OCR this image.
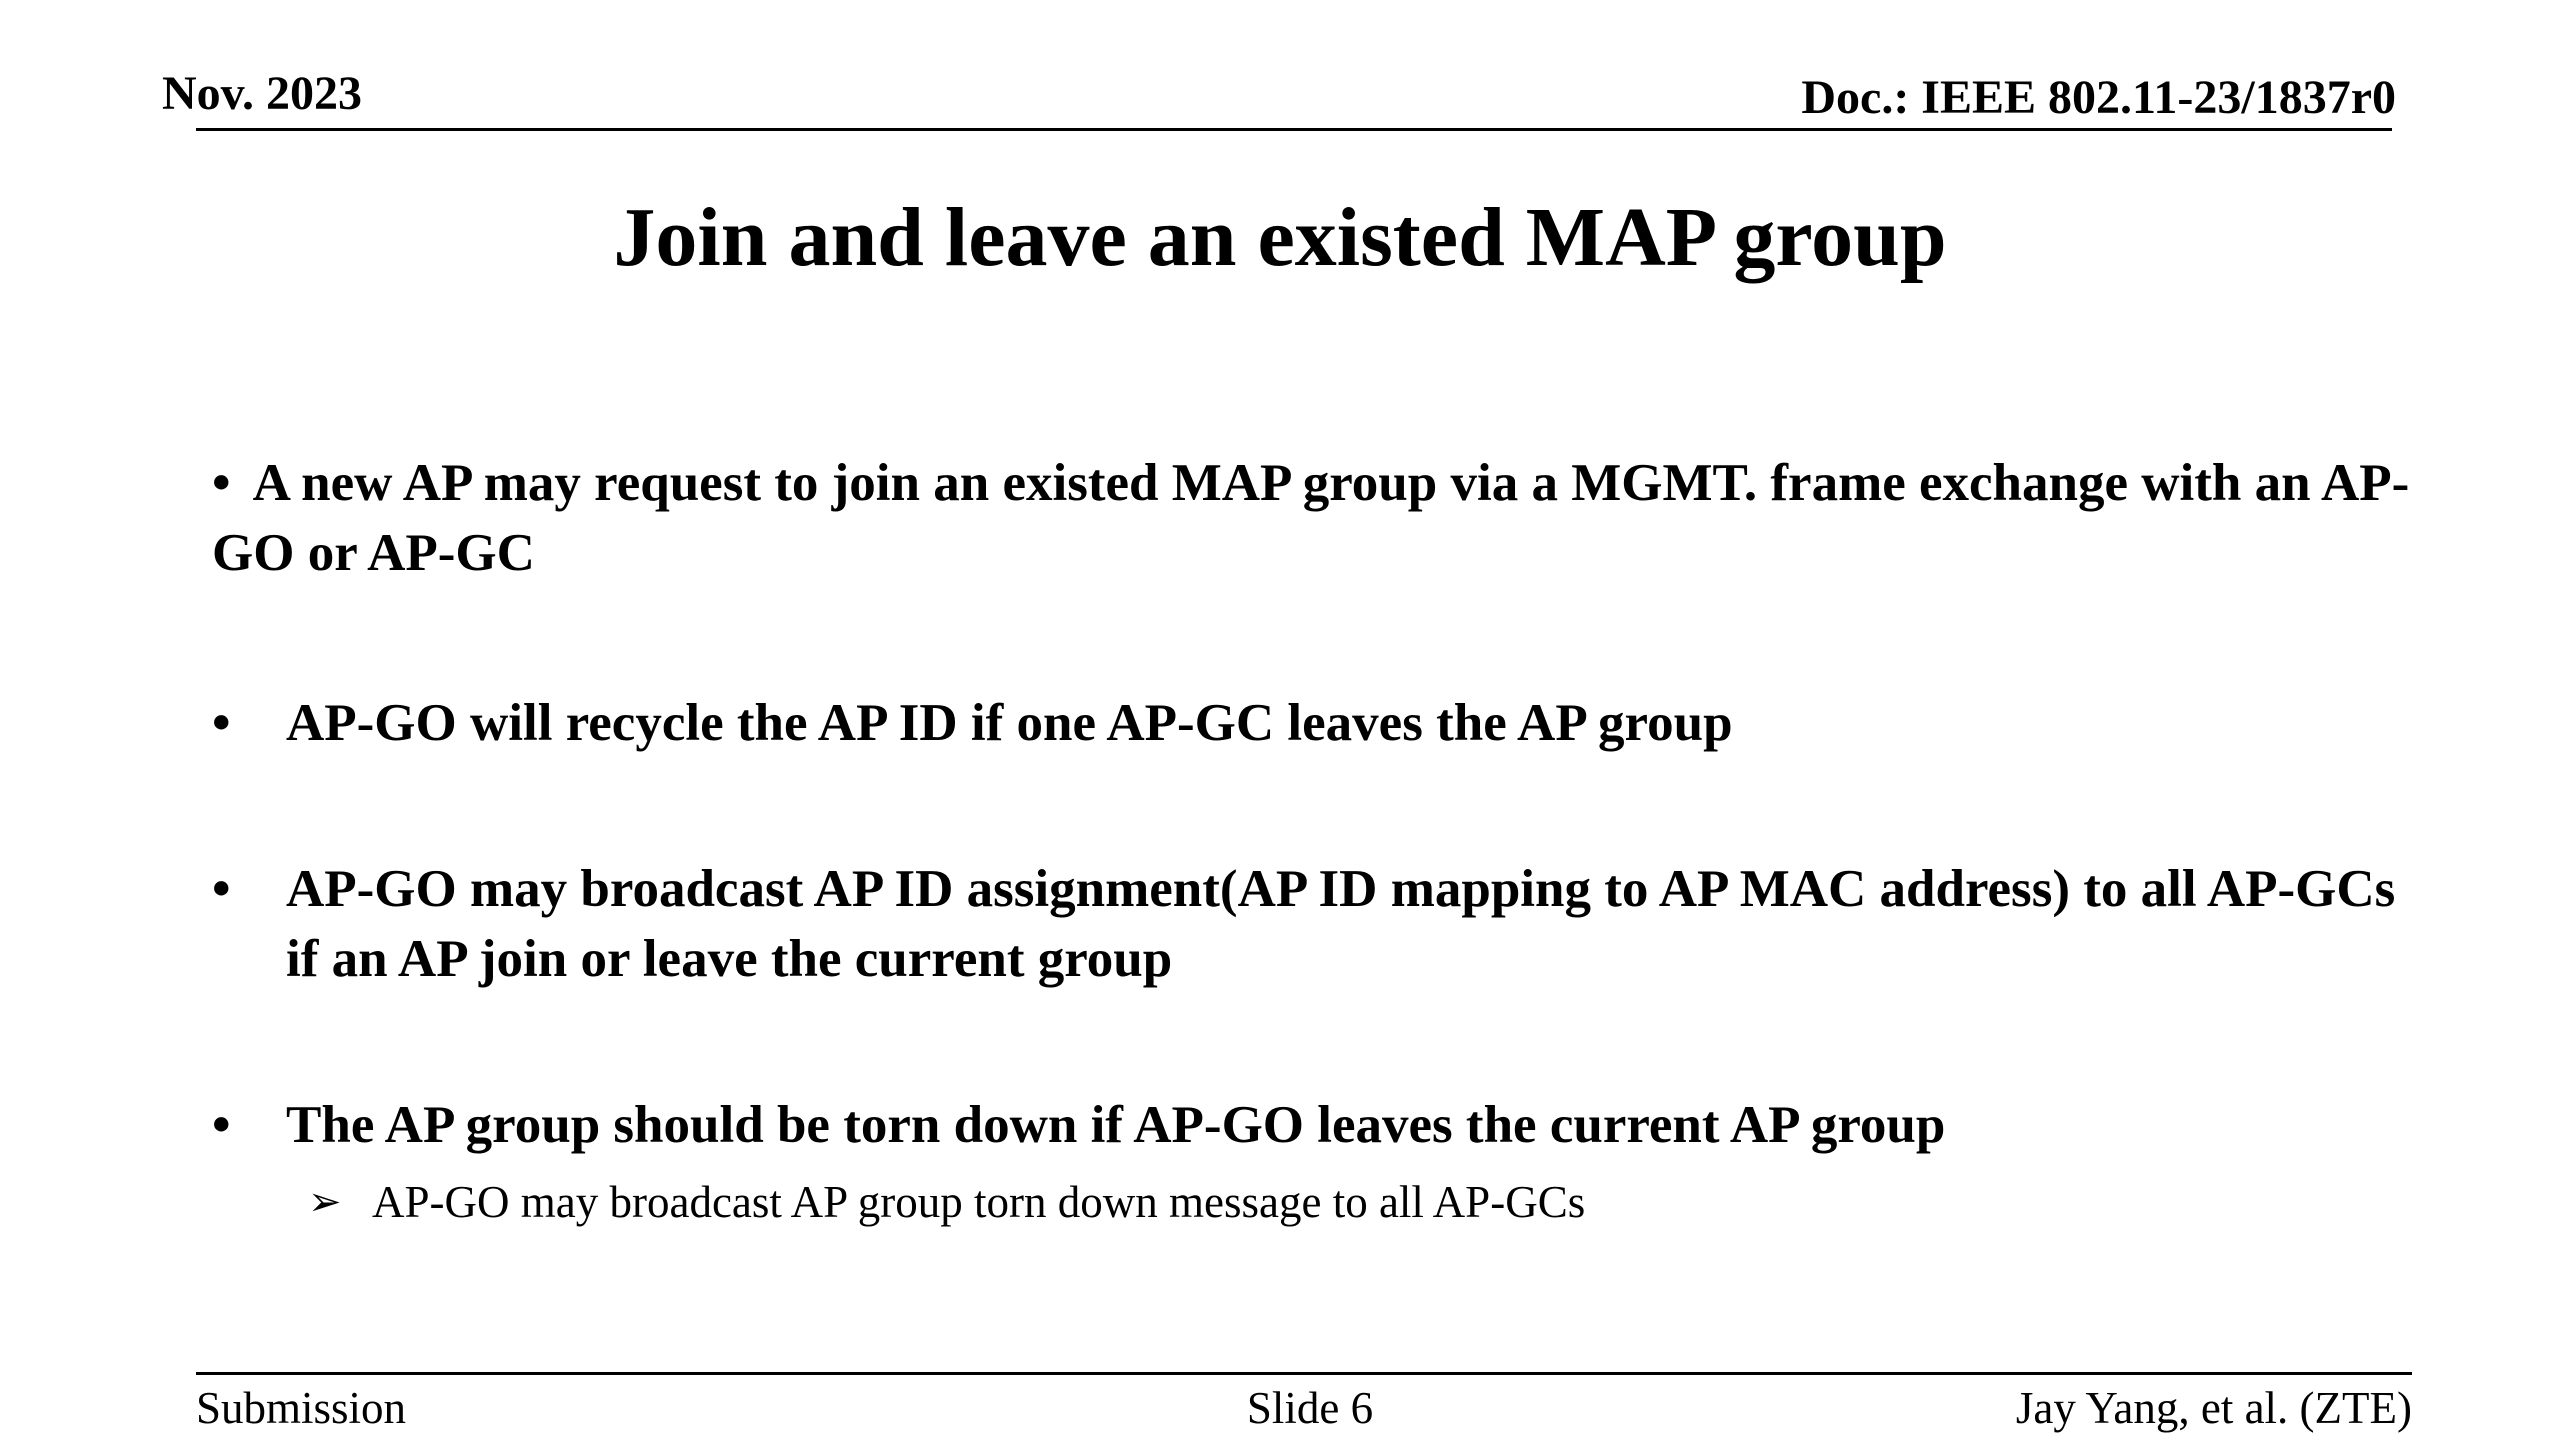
Nov. 2023	Doc.: IEEE 802.11-23/1837r0
Join and leave an existed MAP group
• A new AP may request to join an existed MAP group via a MGMT. frame exchange with an AP-GO or AP-GC
• AP-GO will recycle the AP ID if one AP-GC leaves the AP group
• AP-GO may broadcast AP ID assignment(AP ID mapping to AP MAC address) to all AP-GCs if an AP join or leave the current group
• The AP group should be torn down if AP-GO leaves the current AP group
➢ AP-GO may broadcast AP group torn down message to all AP-GCs
Submission	Slide 6	Jay Yang, et al. (ZTE)
